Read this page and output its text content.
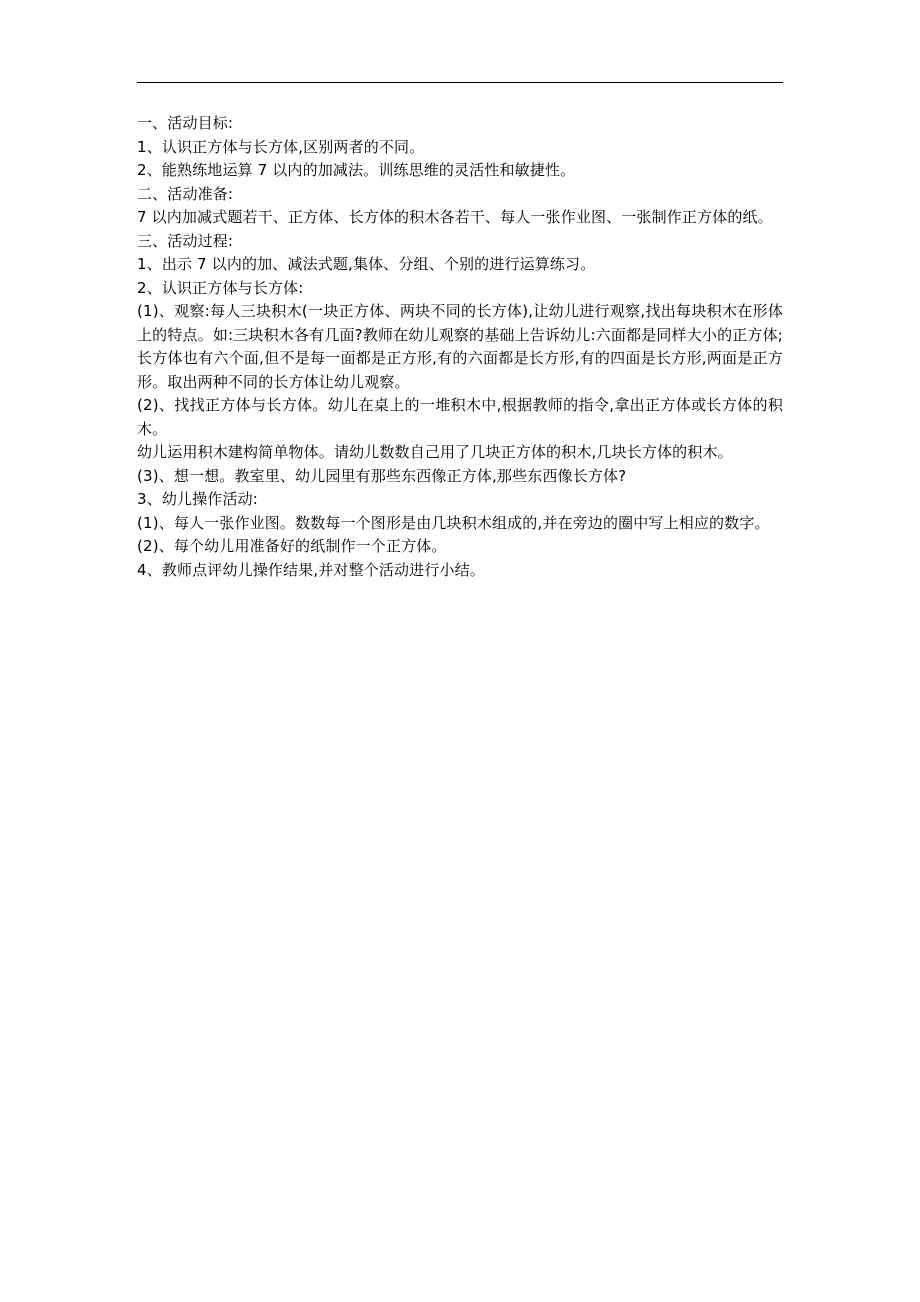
一、活动目标:

1、认识正方体与长方体,区别两者的不同。

2、能熟练地运算 7 以内的加减法。训练思维的灵活性和敏捷性。

二、活动准备:

7 以内加减式题若干、正方体、长方体的积木各若干、每人一张作业图、一张制作正方体的纸。

三、活动过程:

1、出示 7 以内的加、减法式题,集体、分组、个别的进行运算练习。

2、认识正方体与长方体:

(1)、观察:每人三块积木(一块正方体、两块不同的长方体),让幼儿进行观察,找出每块积木在形体上的特点。如:三块积木各有几面?教师在幼儿观察的基础上告诉幼儿:六面都是同样大小的正方体;长方体也有六个面,但不是每一面都是正方形,有的六面都是长方形,有的四面是长方形,两面是正方形。取出两种不同的长方体让幼儿观察。

(2)、找找正方体与长方体。幼儿在桌上的一堆积木中,根据教师的指令,拿出正方体或长方体的积木。

幼儿运用积木建构简单物体。请幼儿数数自己用了几块正方体的积木,几块长方体的积木。

(3)、想一想。教室里、幼儿园里有那些东西像正方体,那些东西像长方体?

3、幼儿操作活动:

(1)、每人一张作业图。数数每一个图形是由几块积木组成的,并在旁边的圈中写上相应的数字。

(2)、每个幼儿用准备好的纸制作一个正方体。

4、教师点评幼儿操作结果,并对整个活动进行小结。
